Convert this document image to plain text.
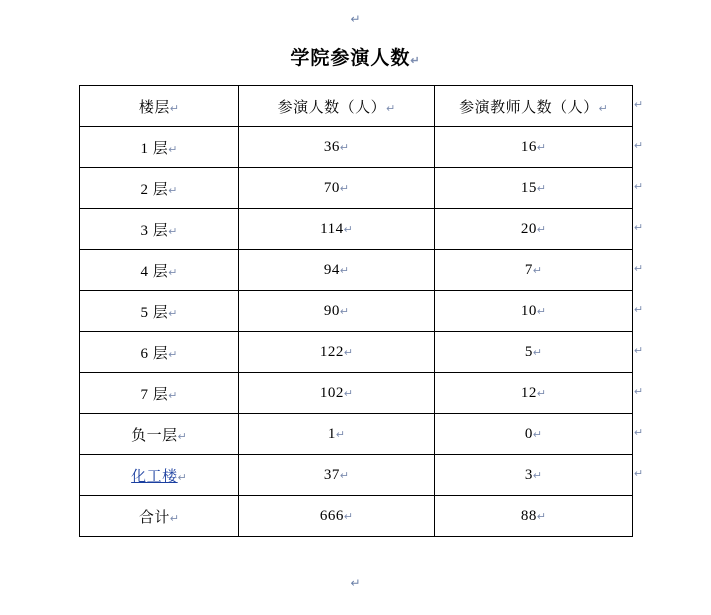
↵
学院参演人数↵
楼层↵	参演人数（人）↵	参演教师人数（人）↵
1 层↵	36↵	16↵
2 层↵	70↵	15↵
3 层↵	114↵	20↵
4 层↵	94↵	7↵
5 层↵	90↵	10↵
6 层↵	122↵	5↵
7 层↵	102↵	12↵
负一层↵	1↵	0↵
化工楼↵	37↵	3↵
合计↵	666↵	88↵
↵
↵
↵
↵
↵
↵
↵
↵
↵
↵
↵
